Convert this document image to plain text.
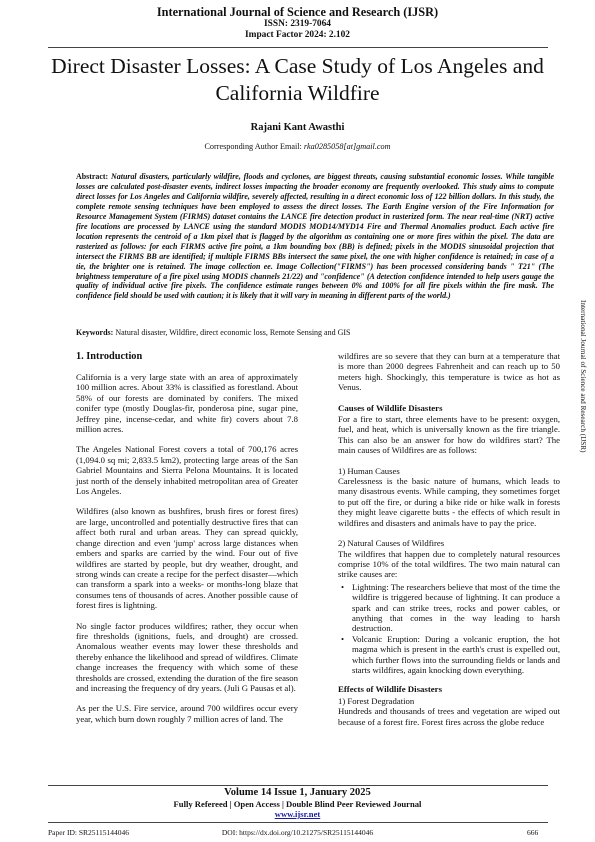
International Journal of Science and Research (IJSR)
ISSN: 2319-7064
Impact Factor 2024: 2.102
Direct Disaster Losses: A Case Study of Los Angeles and California Wildfire
Rajani Kant Awasthi
Corresponding Author Email: rka0285058[at]gmail.com
Abstract: Natural disasters, particularly wildfire, floods and cyclones, are biggest threats, causing substantial economic losses. While tangible losses are calculated post-disaster events, indirect losses impacting the broader economy are frequently overlooked. This study aims to compute direct losses for Los Angeles and California wildfire, severely affected, resulting in a direct economic loss of 122 billion dollars. In this study, the complete remote sensing techniques have been employed to assess the direct losses. The Earth Engine version of the Fire Information for Resource Management System (FIRMS) dataset contains the LANCE fire detection product in rasterized form. The near real-time (NRT) active fire locations are processed by LANCE using the standard MODIS MOD14/MYD14 Fire and Thermal Anomalies product. Each active fire location represents the centroid of a 1km pixel that is flagged by the algorithm as containing one or more fires within the pixel. The data are rasterized as follows: for each FIRMS active fire point, a 1km bounding box (BB) is defined; pixels in the MODIS sinusoidal projection that intersect the FIRMS BB are identified; if multiple FIRMS BBs intersect the same pixel, the one with higher confidence is retained; in case of a tie, the brighter one is retained. The image collection ee. Image Collection("FIRMS") has been processed considering bands " T21" (The brightness temperature of a fire pixel using MODIS channels 21/22) and "confidence" (A detection confidence intended to help users gauge the quality of individual active fire pixels. The confidence estimate ranges between 0% and 100% for all fire pixels within the fire mask. The confidence field should be used with caution; it is likely that it will vary in meaning in different parts of the world.)
Keywords: Natural disaster, Wildfire, direct economic loss, Remote Sensing and GIS
1. Introduction

California is a very large state with an area of approximately 100 million acres. About 33% is classified as forestland. About 58% of our forests are dominated by conifers. The mixed conifer type (mostly Douglas-fir, ponderosa pine, sugar pine, Jeffrey pine, incense-cedar, and white fir) covers about 7.8 million acres.

The Angeles National Forest covers a total of 700,176 acres (1,094.0 sq mi; 2,833.5 km2), protecting large areas of the San Gabriel Mountains and Sierra Pelona Mountains. It is located just north of the densely inhabited metropolitan area of Greater Los Angeles.

Wildfires (also known as bushfires, brush fires or forest fires) are large, uncontrolled and potentially destructive fires that can affect both rural and urban areas. They can spread quickly, change direction and even 'jump' across large distances when embers and sparks are carried by the wind. Four out of five wildfires are started by people, but dry weather, drought, and strong winds can create a recipe for the perfect disaster—which can transform a spark into a weeks- or months-long blaze that consumes tens of thousands of acres. Another possible cause of forest fires is lightning.

No single factor produces wildfires; rather, they occur when fire thresholds (ignitions, fuels, and drought) are crossed. Anomalous weather events may lower these thresholds and thereby enhance the likelihood and spread of wildfires. Climate change increases the frequency with which some of these thresholds are crossed, extending the duration of the fire season and increasing the frequency of dry years. (Juli G Pausas et al).

As per the U.S. Fire service, around 700 wildfires occur every year, which burn down roughly 7 million acres of land. The

wildfires are so severe that they can burn at a temperature that is more than 2000 degrees Fahrenheit and can reach up to 50 meters high. Shockingly, this temperature is twice as hot as Venus.

Causes of Wildlife Disasters

For a fire to start, three elements have to be present: oxygen, fuel, and heat, which is universally known as the fire triangle. This can also be an answer for how do wildfires start? The main causes of Wildfires are as follows:

1) Human Causes

Carelessness is the basic nature of humans, which leads to many disastrous events. While camping, they sometimes forget to put off the fire, or during a bike ride or hike walk in forests they might leave cigarette butts - the effects of which result in wildfires and disasters and animals have to pay the price.

2) Natural Causes of Wildfires

The wildfires that happen due to completely natural resources comprise 10% of the total wildfires. The two main natural can strike causes are:

• Lightning: The researchers believe that most of the time the wildfire is triggered because of lightning. It can produce a spark and can strike trees, rocks and power cables, or anything that comes in the way leading to harsh destruction.
• Volcanic Eruption: During a volcanic eruption, the hot magma which is present in the earth's crust is expelled out, which further flows into the surrounding fields or lands and starts wildfires, again knocking down everything.
Effects of Wildlife Disasters
1) Forest Degradation

Hundreds and thousands of trees and vegetation are wiped out because of a forest fire. Forest fires across the globe reduce

Volume 14 Issue 1, January 2025
Fully Refereed | Open Access | Double Blind Peer Reviewed Journal
www.ijsr.net
Paper ID: SR25115144046	DOI: https://dx.doi.org/10.21275/SR25115144046	666
International Journal of Science and Research (IJSR)
